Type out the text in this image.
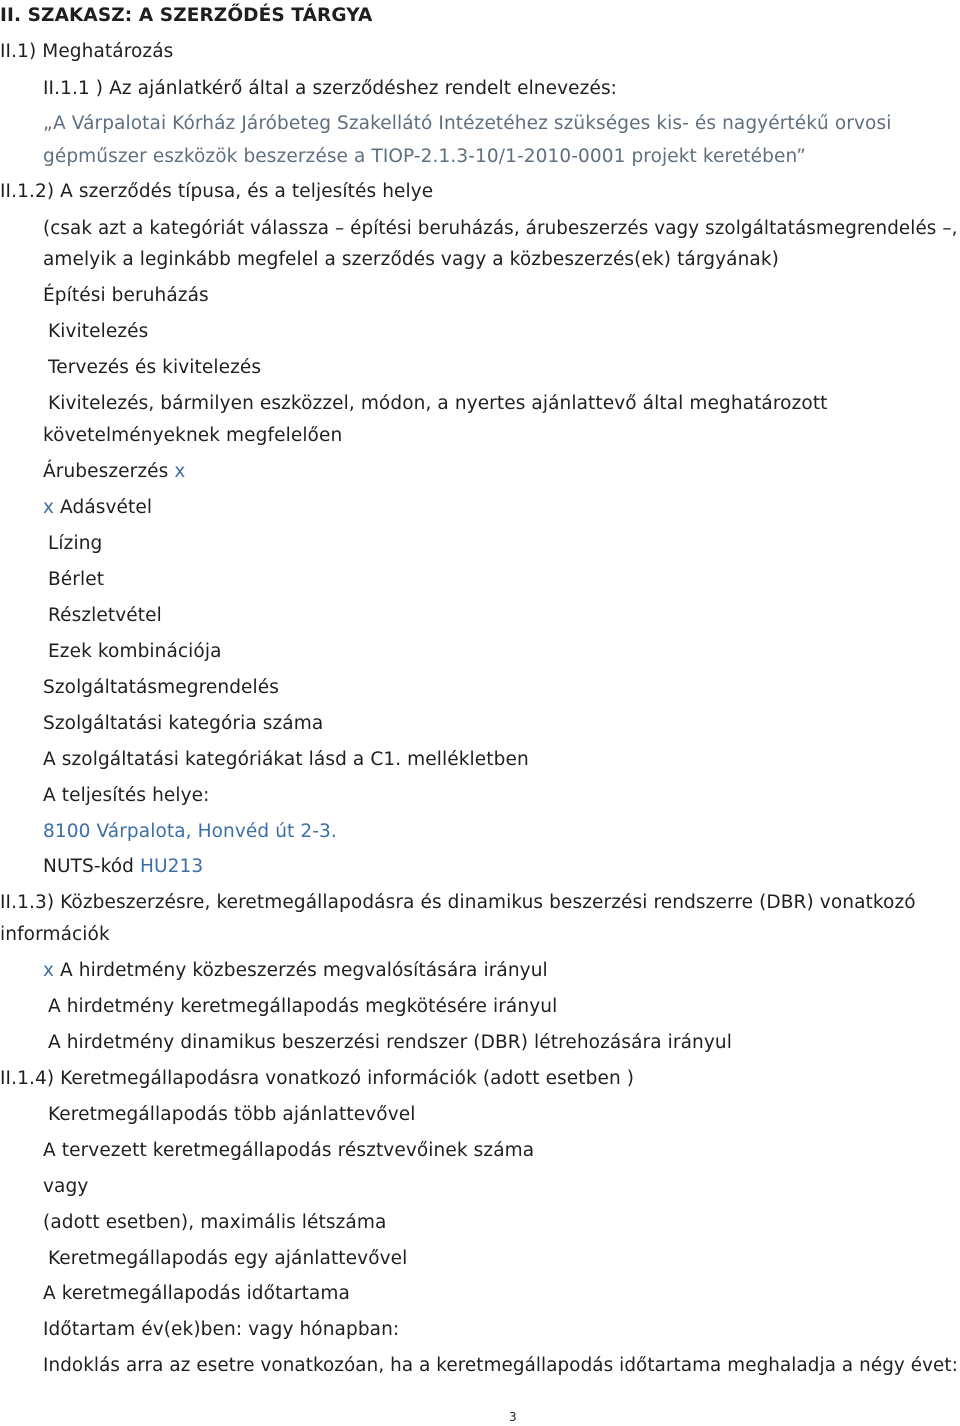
II. SZAKASZ: A SZERZŐDÉS TÁRGYA
II.1) Meghatározás
II.1.1 ) Az ajánlatkérő által a szerződéshez rendelt elnevezés:
„A Várpalotai Kórház Járóbeteg Szakellátó Intézetéhez szükséges kis- és nagyértékű orvosi
gépműszer eszközök beszerzése a TIOP-2.1.3-10/1-2010-0001 projekt keretében”
II.1.2) A szerződés típusa, és a teljesítés helye
(csak azt a kategóriát válassza – építési beruházás, árubeszerzés vagy szolgáltatásmegrendelés –,
amelyik a leginkább megfelel a szerződés vagy a közbeszerzés(ek) tárgyának)
Építési beruházás
Kivitelezés
Tervezés és kivitelezés
Kivitelezés, bármilyen eszközzel, módon, a nyertes ajánlattevő által meghatározott
követelményeknek megfelelően
Árubeszerzés x
x Adásvétel
Lízing
Bérlet
Részletvétel
Ezek kombinációja
Szolgáltatásmegrendelés
Szolgáltatási kategória száma
A szolgáltatási kategóriákat lásd a C1. mellékletben
A teljesítés helye:
8100 Várpalota, Honvéd út 2-3.
NUTS-kód HU213
II.1.3) Közbeszerzésre, keretmegállapodásra és dinamikus beszerzési rendszerre (DBR) vonatkozó
információk
x A hirdetmény közbeszerzés megvalósítására irányul
A hirdetmény keretmegállapodás megkötésére irányul
A hirdetmény dinamikus beszerzési rendszer (DBR) létrehozására irányul
II.1.4) Keretmegállapodásra vonatkozó információk (adott esetben )
Keretmegállapodás több ajánlattevővel
A tervezett keretmegállapodás résztvevőinek száma
vagy
(adott esetben), maximális létszáma
Keretmegállapodás egy ajánlattevővel
A keretmegállapodás időtartama
Időtartam év(ek)ben: vagy hónapban:
Indoklás arra az esetre vonatkozóan, ha a keretmegállapodás időtartama meghaladja a négy évet:
3
